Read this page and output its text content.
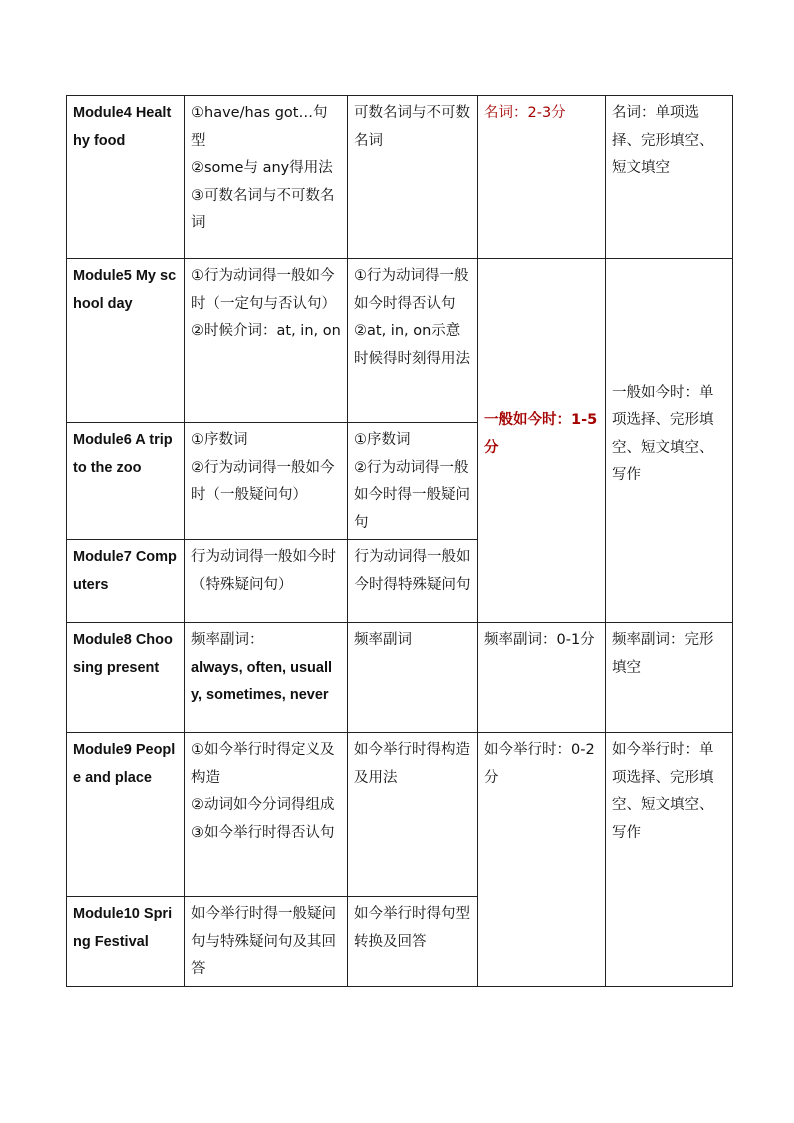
Module4 Healthy food	①have/has got…句型
②some与 any得用法
③可数名词与不可数名词	可数名词与不可数名词	名词：2-3分	名词：单项选择、完形填空、短文填空
Module5 My school day	①行为动词得一般如今时（一定句与否认句）
②时候介词：at, in, on	①行为动词得一般如今时得否认句
②at, in, on示意时候得时刻得用法	一般如今时：1-5分	一般如今时：单项选择、完形填空、短文填空、写作

Module6 A trip to the zoo	①序数词
②行为动词得一般如今时（一般疑问句）	①序数词
②行为动词得一般如今时得一般疑问句		

Module7 Computers	行为动词得一般如今时（特殊疑问句）	行为动词得一般如今时得特殊疑问句		
Module8 Choosing present	频率副词：
always, often, usually, sometimes, never	频率副词	频率副词：0-1分	频率副词：完形填空
Module9 People and place	①如今举行时得定义及构造
②动词如今分词得组成
③如今举行时得否认句	如今举行时得构造及用法	如今举行时：0-2分	如今举行时：单项选择、完形填空、短文填空、写作
Module10 Spring Festival	如今举行时得一般疑问句与特殊疑问句及其回答	如今举行时得句型转换及回答		
